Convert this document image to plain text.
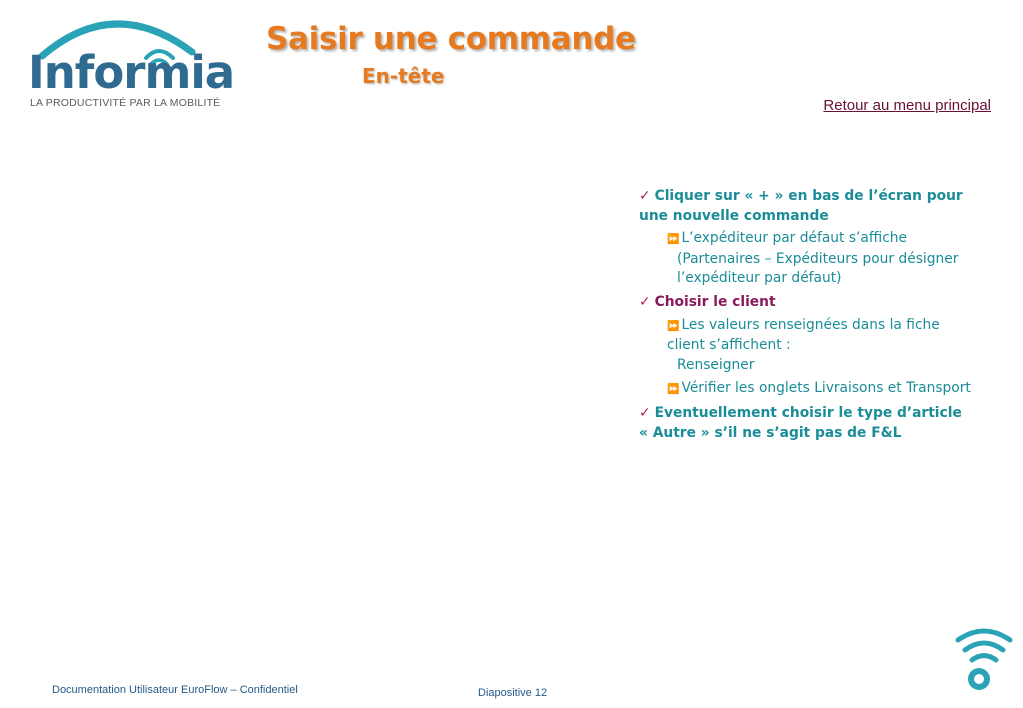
Informia
LA PRODUCTIVITÉ PAR LA MOBILITÉ
Saisir une commande
En-tête
Retour au menu principal

✓ Cliquer sur « + » en bas de l’écran pour une nouvelle commande

⏩ L’expéditeur par défaut s’affiche
(Partenaires – Expéditeurs pour désigner l’expéditeur par défaut)

✓ Choisir le client

⏩ Les valeurs renseignées dans la fiche client s’affichent :
Renseigner

⏩ Vérifier les onglets Livraisons et Transport

✓ Eventuellement choisir le type d’article « Autre » s’il ne s’agit pas de F&L

Documentation Utilisateur EuroFlow – Confidentiel	Diapositive 12
